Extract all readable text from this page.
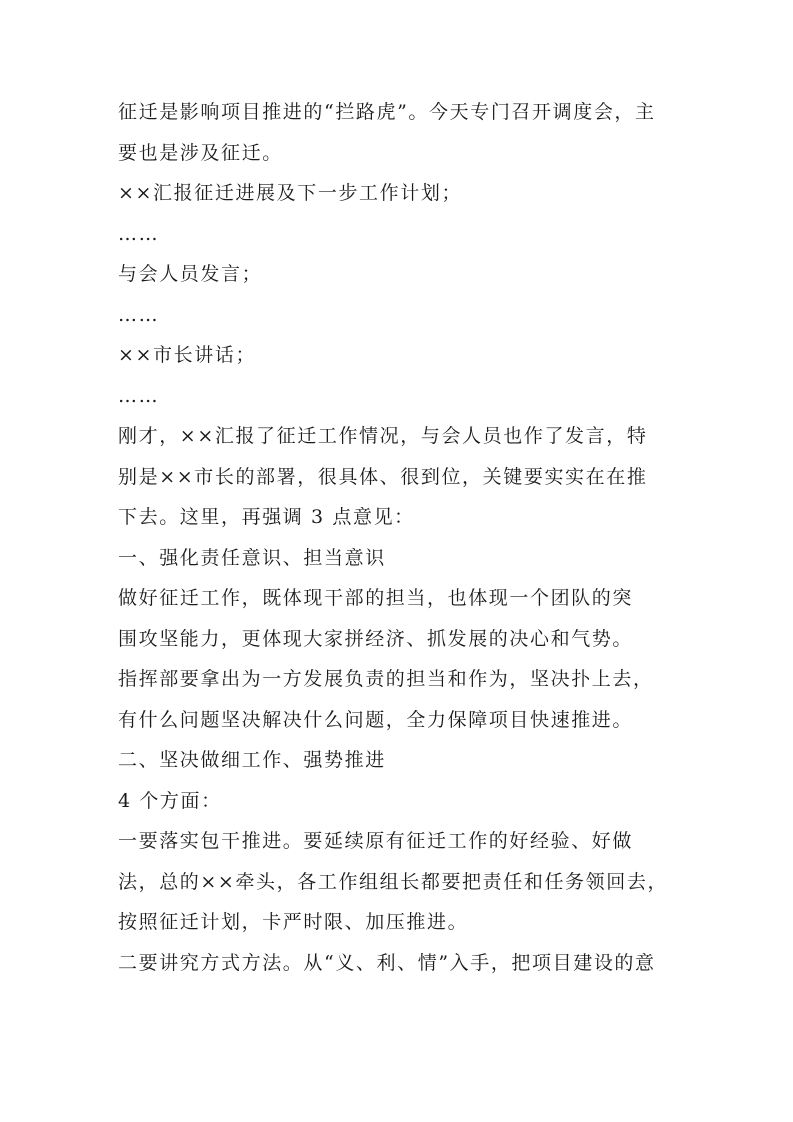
征迁是影响项目推进的“拦路虎”。今天专门召开调度会，主
要也是涉及征迁。
××汇报征迁进展及下一步工作计划；
……
与会人员发言；
……
××市长讲话；
……
刚才，××汇报了征迁工作情况，与会人员也作了发言，特
别是××市长的部署，很具体、很到位，关键要实实在在推
下去。这里，再强调 3 点意见：
一、强化责任意识、担当意识
做好征迁工作，既体现干部的担当，也体现一个团队的突
围攻坚能力，更体现大家拼经济、抓发展的决心和气势。
指挥部要拿出为一方发展负责的担当和作为，坚决扑上去，
有什么问题坚决解决什么问题，全力保障项目快速推进。
二、坚决做细工作、强势推进
4 个方面：
一要落实包干推进。要延续原有征迁工作的好经验、好做
法，总的××牵头，各工作组组长都要把责任和任务领回去，
按照征迁计划，卡严时限、加压推进。
二要讲究方式方法。从“义、利、情”入手，把项目建设的意
